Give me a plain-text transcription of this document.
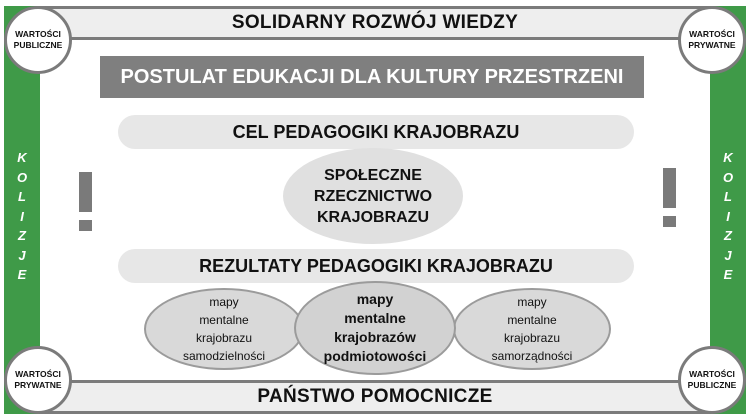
SOLIDARNY ROZWÓJ WIEDZY
PAŃSTWO POMOCNICZE
K
O
L
I
Z
J
E
K
O
L
I
Z
J
E
WARTOŚCI
PUBLICZNE
WARTOŚCI
PRYWATNE
WARTOŚCI
PRYWATNE
WARTOŚCI
PUBLICZNE
POSTULAT EDUKACJI DLA KULTURY PRZESTRZENI
CEL PEDAGOGIKI KRAJOBRAZU
SPOŁECZNE
RZECZNICTWO
KRAJOBRAZU
REZULTATY PEDAGOGIKI KRAJOBRAZU
mapy
mentalne
krajobrazu
samodzielności
mapy
mentalne
krajobrazu
samorządności
mapy
mentalne
krajobrazów
podmiotowości
